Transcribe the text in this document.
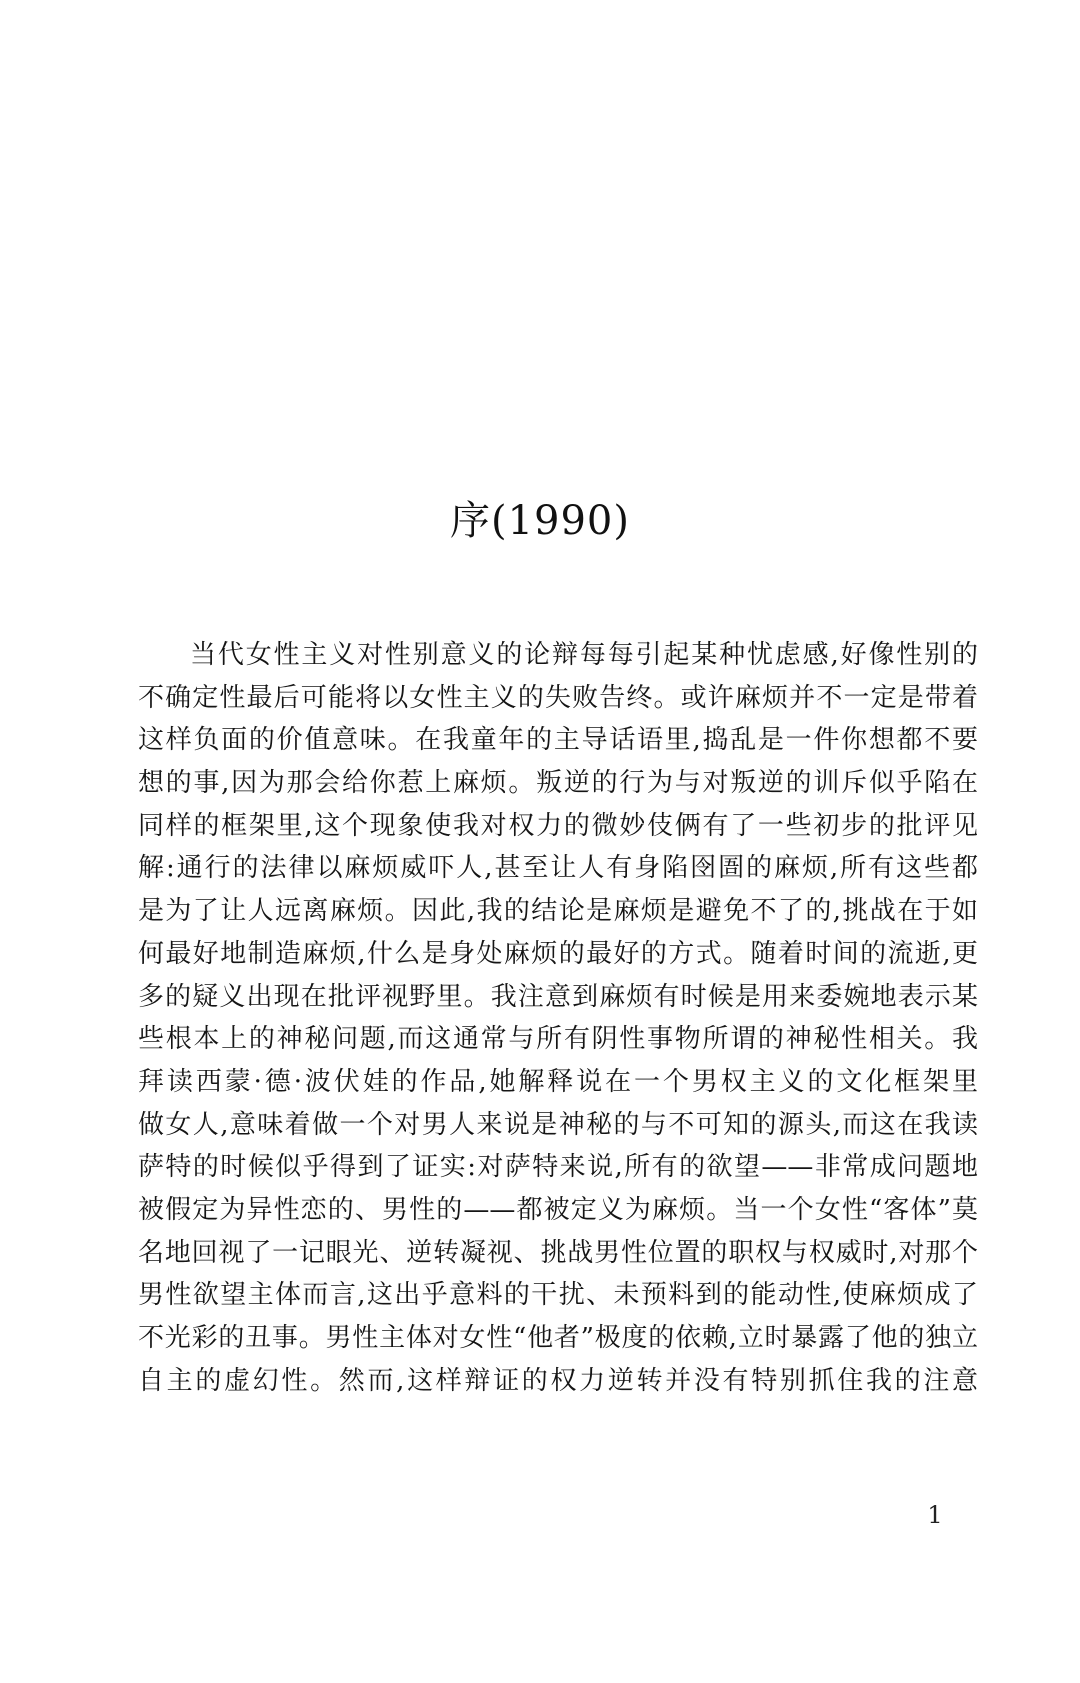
序(1990)
当代女性主义对性别意义的论辩每每引起某种忧虑感,好像性别的
不确定性最后可能将以女性主义的失败告终。或许麻烦并不一定是带着
这样负面的价值意味。在我童年的主导话语里,捣乱是一件你想都不要
想的事,因为那会给你惹上麻烦。叛逆的行为与对叛逆的训斥似乎陷在
同样的框架里,这个现象使我对权力的微妙伎俩有了一些初步的批评见
解:通行的法律以麻烦威吓人,甚至让人有身陷囹圄的麻烦,所有这些都
是为了让人远离麻烦。因此,我的结论是麻烦是避免不了的,挑战在于如
何最好地制造麻烦,什么是身处麻烦的最好的方式。随着时间的流逝,更
多的疑义出现在批评视野里。我注意到麻烦有时候是用来委婉地表示某
些根本上的神秘问题,而这通常与所有阴性事物所谓的神秘性相关。我
拜读西蒙·德·波伏娃的作品,她解释说在一个男权主义的文化框架里
做女人,意味着做一个对男人来说是神秘的与不可知的源头,而这在我读
萨特的时候似乎得到了证实:对萨特来说,所有的欲望——非常成问题地
被假定为异性恋的、男性的——都被定义为麻烦。当一个女性“客体”莫
名地回视了一记眼光、逆转凝视、挑战男性位置的职权与权威时,对那个
男性欲望主体而言,这出乎意料的干扰、未预料到的能动性,使麻烦成了
不光彩的丑事。男性主体对女性“他者”极度的依赖,立时暴露了他的独立
自主的虚幻性。然而,这样辩证的权力逆转并没有特别抓住我的注意
1
